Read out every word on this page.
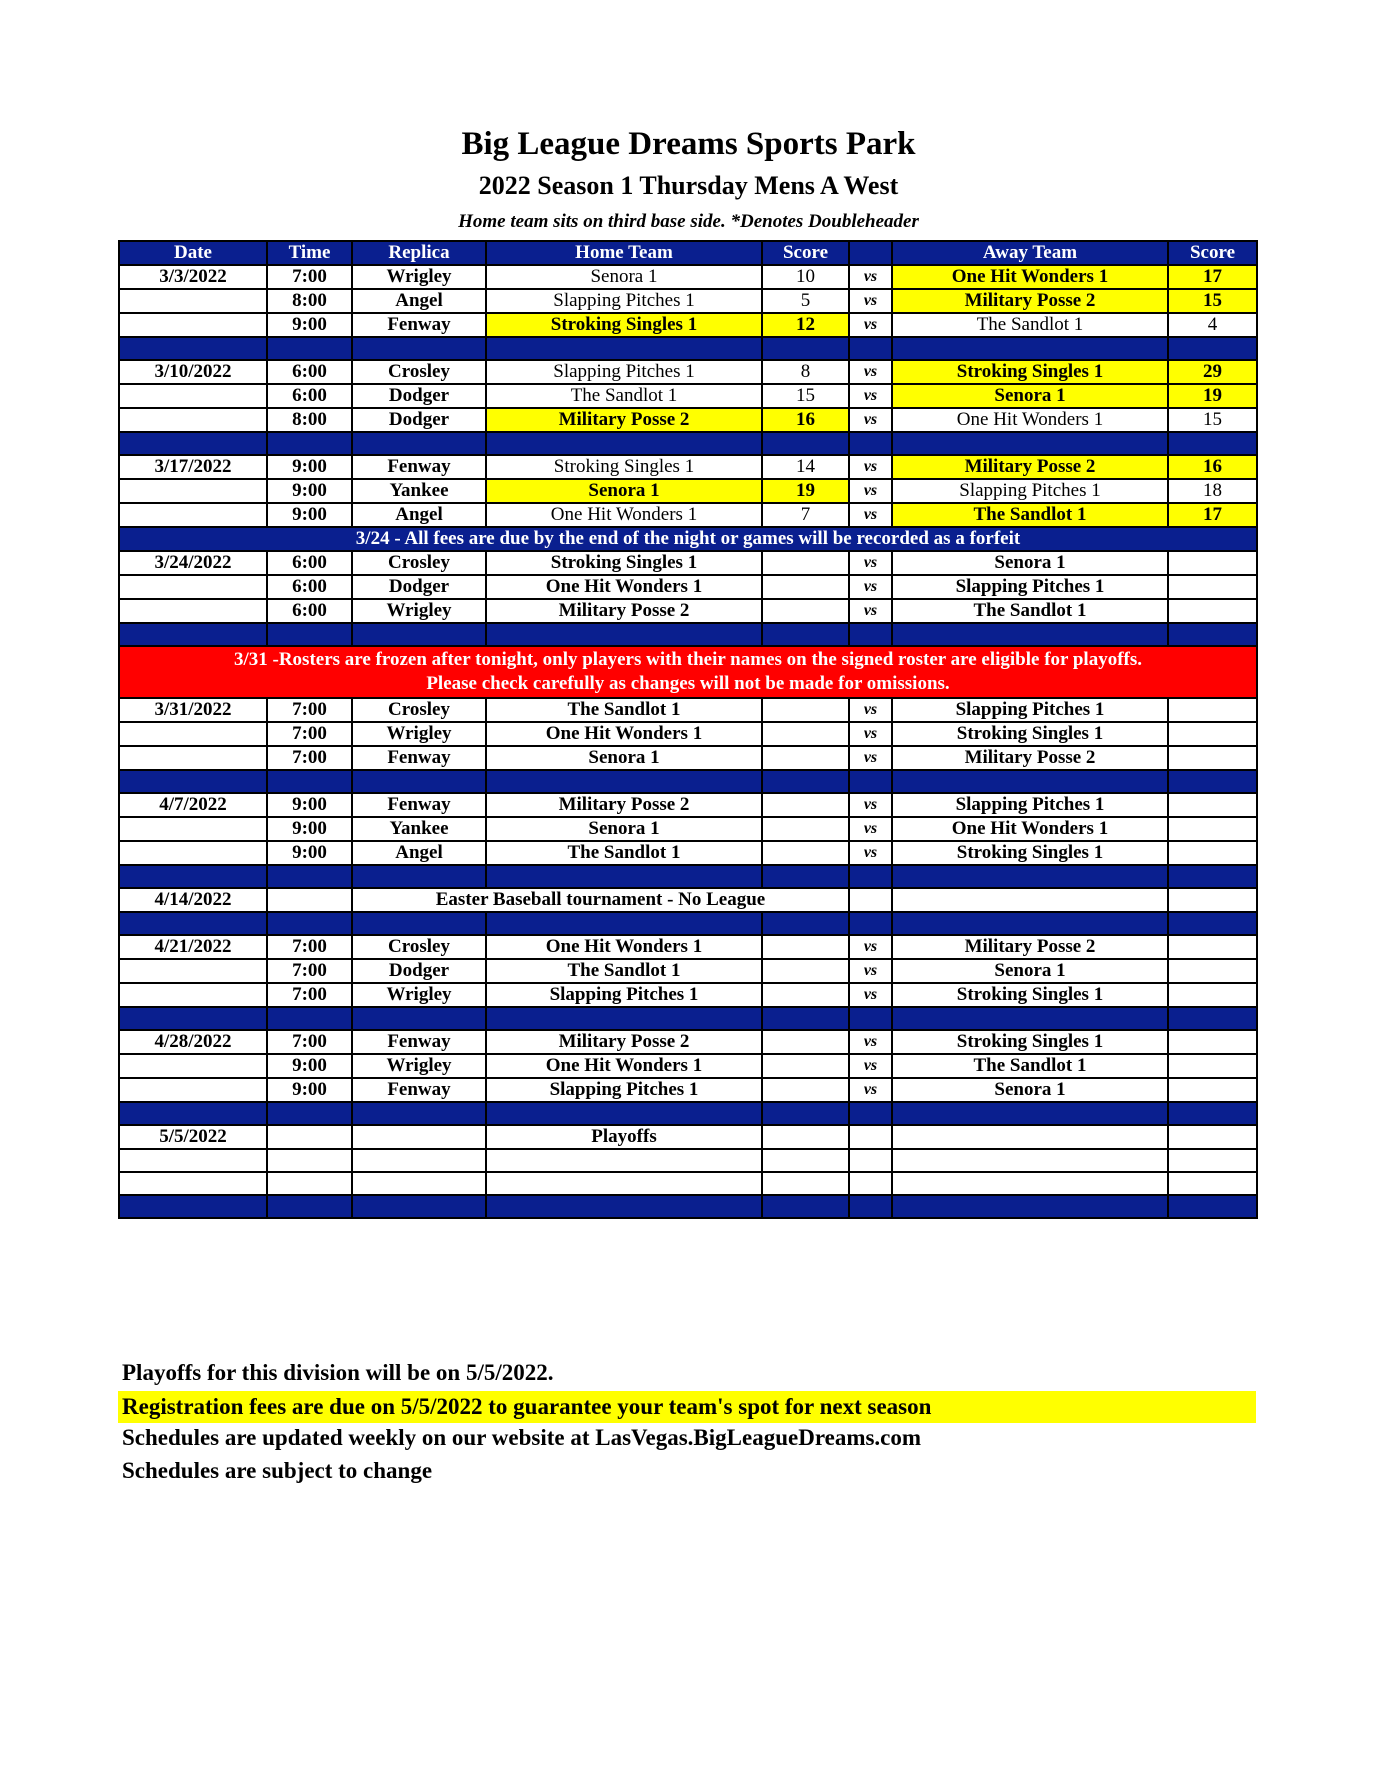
Big League Dreams Sports Park
2022 Season 1 Thursday Mens A West
Home team sits on third base side. *Denotes Doubleheader
Date	Time	Replica	Home Team	Score		Away Team	Score
3/3/2022	7:00	Wrigley	Senora 1	10	vs	One Hit Wonders 1	17
	8:00	Angel	Slapping Pitches 1	5	vs	Military Posse 2	15
	9:00	Fenway	Stroking Singles 1	12	vs	The Sandlot 1	4

3/10/2022	6:00	Crosley	Slapping Pitches 1	8	vs	Stroking Singles 1	29
	6:00	Dodger	The Sandlot 1	15	vs	Senora 1	19
	8:00	Dodger	Military Posse 2	16	vs	One Hit Wonders 1	15

3/17/2022	9:00	Fenway	Stroking Singles 1	14	vs	Military Posse 2	16
	9:00	Yankee	Senora 1	19	vs	Slapping Pitches 1	18
	9:00	Angel	One Hit Wonders 1	7	vs	The Sandlot 1	17
3/24 - All fees are due by the end of the night or games will be recorded as a forfeit							
3/24/2022	6:00	Crosley	Stroking Singles 1		vs	Senora 1	
	6:00	Dodger	One Hit Wonders 1		vs	Slapping Pitches 1	
	6:00	Wrigley	Military Posse 2		vs	The Sandlot 1	

3/31 -Rosters are frozen after tonight, only players with their names on the signed roster are eligible for playoffs.
Please check carefully as changes will not be made for omissions.							

3/31/2022	7:00	Crosley	The Sandlot 1		vs	Slapping Pitches 1	
	7:00	Wrigley	One Hit Wonders 1		vs	Stroking Singles 1	
	7:00	Fenway	Senora 1		vs	Military Posse 2	

4/7/2022	9:00	Fenway	Military Posse 2		vs	Slapping Pitches 1	
	9:00	Yankee	Senora 1		vs	One Hit Wonders 1	
	9:00	Angel	The Sandlot 1		vs	Stroking Singles 1	

4/14/2022		Easter Baseball tournament - No League					

4/21/2022	7:00	Crosley	One Hit Wonders 1		vs	Military Posse 2	
	7:00	Dodger	The Sandlot 1		vs	Senora 1	
	7:00	Wrigley	Slapping Pitches 1		vs	Stroking Singles 1	

4/28/2022	7:00	Fenway	Military Posse 2		vs	Stroking Singles 1	
	9:00	Wrigley	One Hit Wonders 1		vs	The Sandlot 1	
	9:00	Fenway	Slapping Pitches 1		vs	Senora 1	

5/5/2022			Playoffs				

Playoffs for this division will be on 5/5/2022.
Registration fees are due on 5/5/2022 to guarantee your team's spot for next season
Schedules are updated weekly on our website at LasVegas.BigLeagueDreams.com
Schedules are subject to change
